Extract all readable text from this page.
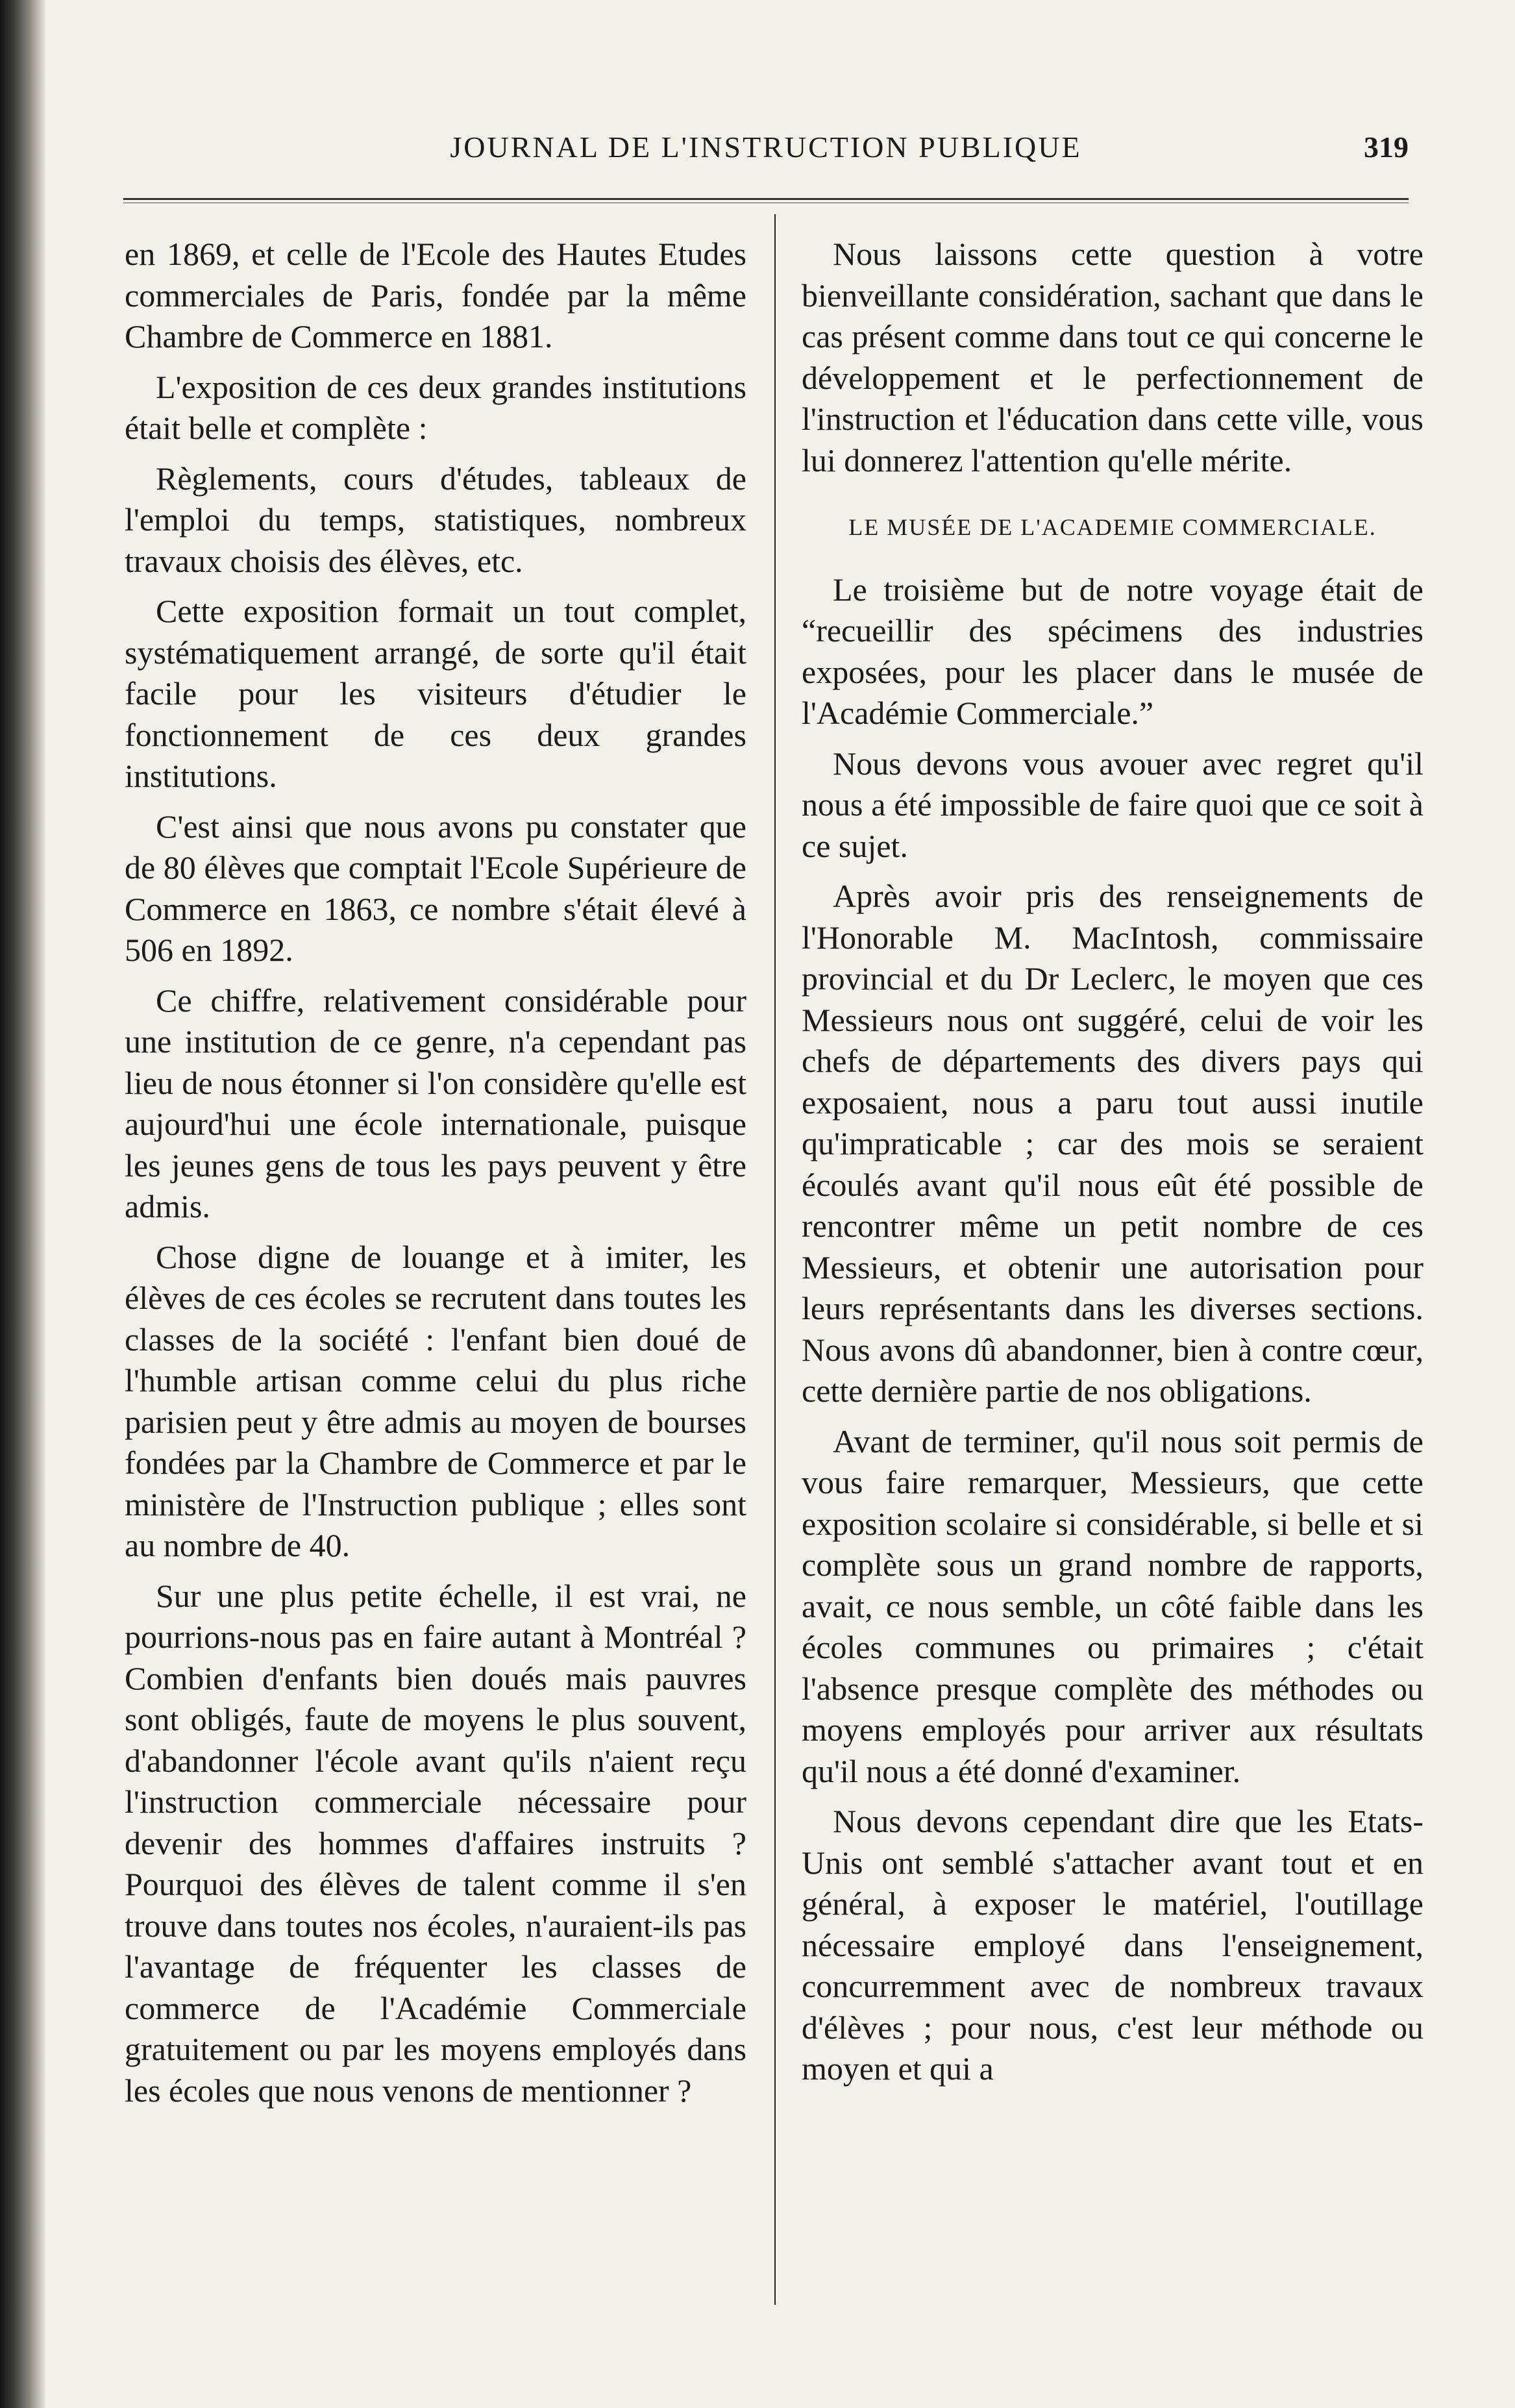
JOURNAL DE L'INSTRUCTION PUBLIQUE	319

en 1869, et celle de l'Ecole des Hautes Etudes commerciales de Paris, fondée par la même Chambre de Commerce en 1881.

L'exposition de ces deux grandes institutions était belle et complète :

Règlements, cours d'études, tableaux de l'emploi du temps, statistiques, nombreux travaux choisis des élèves, etc.

Cette exposition formait un tout complet, systématiquement arrangé, de sorte qu'il était facile pour les visiteurs d'étudier le fonctionnement de ces deux grandes institutions.

C'est ainsi que nous avons pu constater que de 80 élèves que comptait l'Ecole Supérieure de Commerce en 1863, ce nombre s'était élevé à 506 en 1892.

Ce chiffre, relativement considérable pour une institution de ce genre, n'a cependant pas lieu de nous étonner si l'on considère qu'elle est aujourd'hui une école internationale, puisque les jeunes gens de tous les pays peuvent y être admis.

Chose digne de louange et à imiter, les élèves de ces écoles se recrutent dans toutes les classes de la société : l'enfant bien doué de l'humble artisan comme celui du plus riche parisien peut y être admis au moyen de bourses fondées par la Chambre de Commerce et par le ministère de l'Instruction publique ; elles sont au nombre de 40.

Sur une plus petite échelle, il est vrai, ne pourrions-nous pas en faire autant à Montréal ? Combien d'enfants bien doués mais pauvres sont obligés, faute de moyens le plus souvent, d'abandonner l'école avant qu'ils n'aient reçu l'instruction commerciale nécessaire pour devenir des hommes d'affaires instruits ? Pourquoi des élèves de talent comme il s'en trouve dans toutes nos écoles, n'auraient-ils pas l'avantage de fréquenter les classes de commerce de l'Académie Commerciale gratuitement ou par les moyens employés dans les écoles que nous venons de mentionner ?

Nous laissons cette question à votre bienveillante considération, sachant que dans le cas présent comme dans tout ce qui concerne le développement et le perfectionnement de l'instruction et l'éducation dans cette ville, vous lui donnerez l'attention qu'elle mérite.

LE MUSÉE DE L'ACADEMIE COMMERCIALE.

Le troisième but de notre voyage était de “recueillir des spécimens des industries exposées, pour les placer dans le musée de l'Académie Commerciale.”

Nous devons vous avouer avec regret qu'il nous a été impossible de faire quoi que ce soit à ce sujet.

Après avoir pris des renseignements de l'Honorable M. MacIntosh, commissaire provincial et du Dr Leclerc, le moyen que ces Messieurs nous ont suggéré, celui de voir les chefs de départements des divers pays qui exposaient, nous a paru tout aussi inutile qu'impraticable ; car des mois se seraient écoulés avant qu'il nous eût été possible de rencontrer même un petit nombre de ces Messieurs, et obtenir une autorisation pour leurs représentants dans les diverses sections. Nous avons dû abandonner, bien à contre cœur, cette dernière partie de nos obligations.

Avant de terminer, qu'il nous soit permis de vous faire remarquer, Messieurs, que cette exposition scolaire si considérable, si belle et si complète sous un grand nombre de rapports, avait, ce nous semble, un côté faible dans les écoles communes ou primaires ; c'était l'absence presque complète des méthodes ou moyens employés pour arriver aux résultats qu'il nous a été donné d'examiner.

Nous devons cependant dire que les Etats-Unis ont semblé s'attacher avant tout et en général, à exposer le matériel, l'outillage nécessaire employé dans l'enseignement, concurremment avec de nombreux travaux d'élèves ; pour nous, c'est leur méthode ou moyen et qui a
